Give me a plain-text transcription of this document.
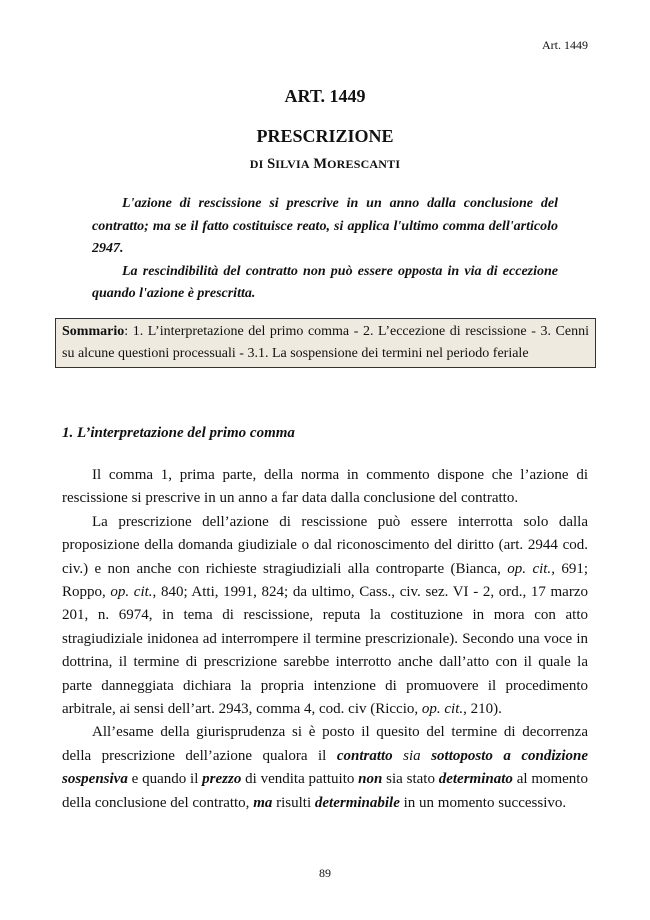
Art. 1449
ART. 1449
PRESCRIZIONE
DI SILVIA MORESCANTI

L'azione di rescissione si prescrive in un anno dalla conclusione del contratto; ma se il fatto costituisce reato, si applica l'ultimo comma dell'articolo 2947.

La rescindibilità del contratto non può essere opposta in via di eccezione quando l'azione è prescritta.

Sommario: 1. L’interpretazione del primo comma - 2. L’eccezione di rescissione - 3. Cenni su alcune questioni processuali - 3.1. La sospensione dei termini nel periodo feriale
1. L’interpretazione del primo comma

Il comma 1, prima parte, della norma in commento dispone che l’azione di rescissione si prescrive in un anno a far data dalla conclusione del contratto.

La prescrizione dell’azione di rescissione può essere interrotta solo dalla proposizione della domanda giudiziale o dal riconoscimento del diritto (art. 2944 cod. civ.) e non anche con richieste stragiudiziali alla controparte (Bianca, op. cit., 691; Roppo, op. cit., 840; Atti, 1991, 824; da ultimo, Cass., civ. sez. VI - 2, ord., 17 marzo 201, n. 6974, in tema di rescissione, reputa la costituzione in mora con atto stragiudiziale inidonea ad interrompere il termine prescrizionale). Secondo una voce in dottrina, il termine di prescrizione sarebbe interrotto anche dall’atto con il quale la parte danneggiata dichiara la propria intenzione di promuovere il procedimento arbitrale, ai sensi dell’art. 2943, comma 4, cod. civ (Riccio, op. cit., 210).

All’esame della giurisprudenza si è posto il quesito del termine di decorrenza della prescrizione dell’azione qualora il contratto sia sottoposto a condizione sospensiva e quando il prezzo di vendita pattuito non sia stato determinato al momento della conclusione del contratto, ma risulti determinabile in un momento successivo.

89
